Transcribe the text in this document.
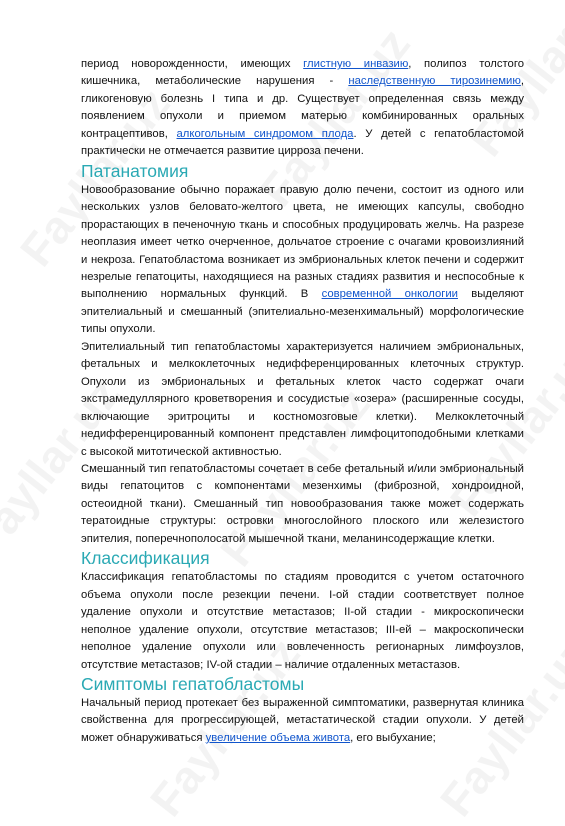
период новорожденности, имеющих глистную инвазию, полипоз толстого кишечника, метаболические нарушения - наследственную тирозинемию, гликогеновую болезнь I типа и др. Существует определенная связь между появлением опухоли и приемом матерью комбинированных оральных контрацептивов, алкогольным синдромом плода. У детей с гепатобластомой практически не отмечается развитие цирроза печени.

Патанатомия

Новообразование обычно поражает правую долю печени, состоит из одного или нескольких узлов беловато-желтого цвета, не имеющих капсулы, свободно прорастающих в печеночную ткань и способных продуцировать желчь. На разрезе неоплазия имеет четко очерченное, дольчатое строение с очагами кровоизлияний и некроза. Гепатобластома возникает из эмбриональных клеток печени и содержит незрелые гепатоциты, находящиеся на разных стадиях развития и неспособные к выполнению нормальных функций. В современной онкологии выделяют эпителиальный и смешанный (эпителиально-мезенхимальный) морфологические типы опухоли.

Эпителиальный тип гепатобластомы характеризуется наличием эмбриональных, фетальных и мелкоклеточных недифференцированных клеточных структур. Опухоли из эмбриональных и фетальных клеток часто содержат очаги экстрамедуллярного кроветворения и сосудистые «озера» (расширенные сосуды, включающие эритроциты и костномозговые клетки). Мелкоклеточный недифференцированный компонент представлен лимфоцитоподобными клетками с высокой митотической активностью.

Смешанный тип гепатобластомы сочетает в себе фетальный и/или эмбриональный виды гепатоцитов с компонентами мезенхимы (фиброзной, хондроидной, остеоидной ткани). Смешанный тип новообразования также может содержать тератоидные структуры: островки многослойного плоского или железистого эпителия, поперечнополосатой мышечной ткани, меланинсодержащие клетки.

Классификация

Классификация гепатобластомы по стадиям проводится с учетом остаточного объема опухоли после резекции печени. I-ой стадии соответствует полное удаление опухоли и отсутствие метастазов; II-ой стадии - микроскопически неполное удаление опухоли, отсутствие метастазов; III-ей – макроскопически неполное удаление опухоли или вовлеченность регионарных лимфоузлов, отсутствие метастазов; IV-ой стадии – наличие отдаленных метастазов.

Симптомы гепатобластомы

Начальный период протекает без выраженной симптоматики, развернутая клиника свойственна для прогрессирующей, метастатической стадии опухоли. У детей может обнаруживаться увеличение объема живота, его выбухание;
